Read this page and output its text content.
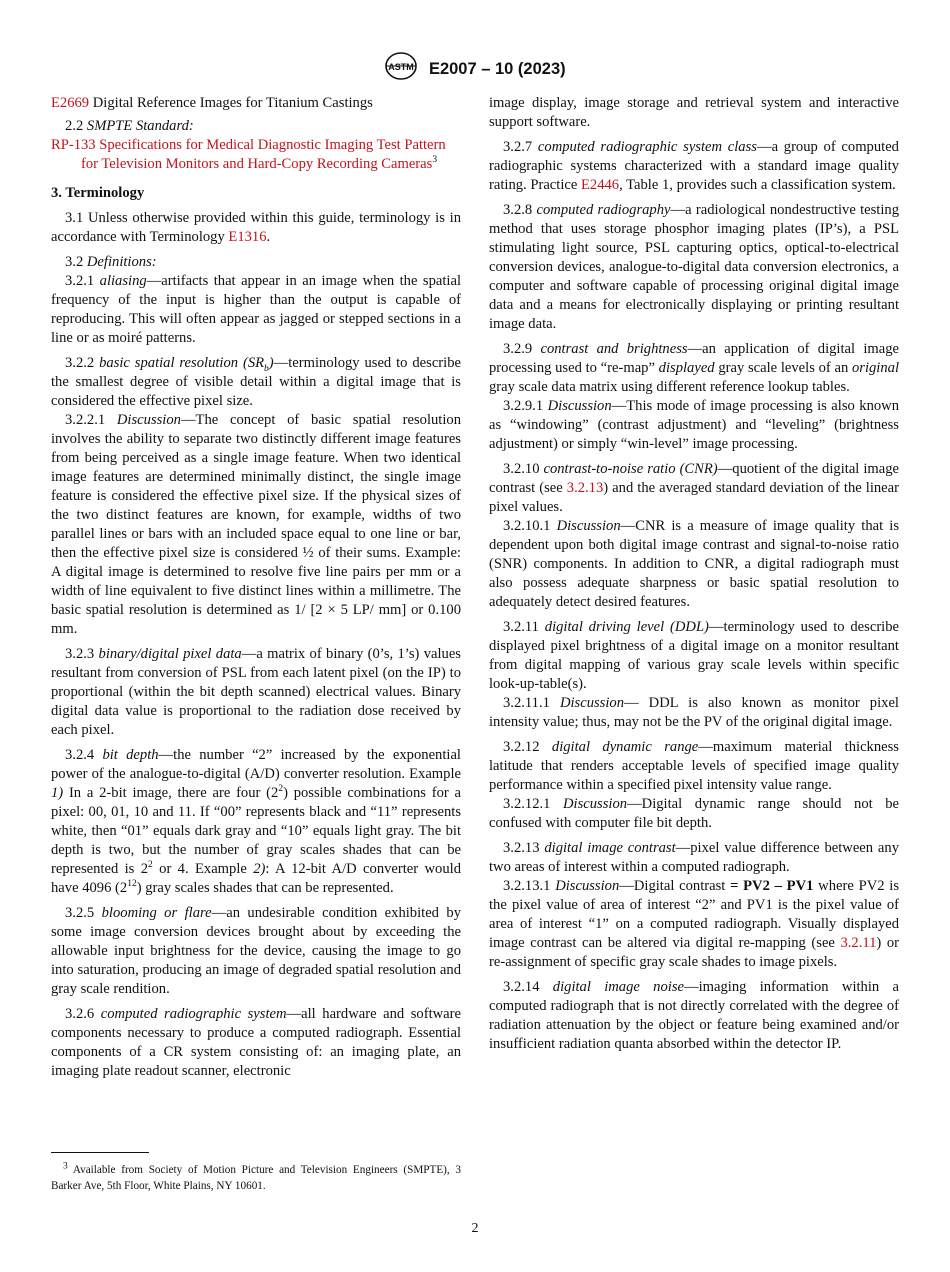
ASTM E2007 – 10 (2023)

E2669 Digital Reference Images for Titanium Castings

2.2 SMPTE Standard:

RP-133 Specifications for Medical Diagnostic Imaging Test Pattern for Television Monitors and Hard-Copy Recording Cameras$^3$

3. Terminology

3.1 Unless otherwise provided within this guide, terminology is in accordance with Terminology E1316.

3.2 Definitions:

3.2.1 aliasing—artifacts that appear in an image when the spatial frequency of the input is higher than the output is capable of reproducing. This will often appear as jagged or stepped sections in a line or as moiré patterns.

3.2.2 basic spatial resolution $(SR_b)—terminology$ used to describe the smallest degree of visible detail within a digital image that is considered the effective pixel size.

3.2.2.1 Discussion—The concept of basic spatial resolution involves the ability to separate two distinctly different image features from being perceived as a single image feature. When two identical image features are determined minimally distinct, the single image feature is considered the effective pixel size. If the physical sizes of the two distinct features are known, for example, widths of two parallel lines or bars with an included space equal to one line or bar, then the effective pixel size is considered ½ of their sums. Example: A digital image is determined to resolve five line pairs per mm or a width of line equivalent to five distinct lines within a millimetre. The basic spatial resolution is determined as 1/ [2 × 5 LP/ mm] or 0.100 mm.

3.2.3 binary/digital pixel data—a matrix of binary (0’s, 1’s) values resultant from conversion of PSL from each latent pixel (on the IP) to proportional (within the bit depth scanned) electrical values. Binary digital data value is proportional to the radiation dose received by each pixel.

3.2.4 bit depth—the number “2” increased by the exponential power of the analogue-to-digital (A/D) converter resolution. Example 1) In a 2-bit image, there are four $(2^2)$ possible combinations for a pixel: 00, 01, 10 and 11. If “00” represents black and “11” represents white, then “01” equals dark gray and “10” equals light gray. The bit depth is two, but the number of gray scales shades that can be represented is $2^2$ or 4. Example 2): A 12-bit A/D converter would have 4096 $(2^{12})$ gray scales shades that can be represented.

3.2.5 blooming or flare—an undesirable condition exhibited by some image conversion devices brought about by exceeding the allowable input brightness for the device, causing the image to go into saturation, producing an image of degraded spatial resolution and gray scale rendition.

3.2.6 computed radiographic system—all hardware and software components necessary to produce a computed radiograph. Essential components of a CR system consisting of: an imaging plate, an imaging plate readout scanner, electronic

$^3$ Available from Society of Motion Picture and Television Engineers (SMPTE), 3 Barker Ave, 5th Floor, White Plains, NY 10601.

image display, image storage and retrieval system and interactive support software.

3.2.7 computed radiographic system class—a group of computed radiographic systems characterized with a standard image quality rating. Practice E2446, Table 1, provides such a classification system.

3.2.8 computed radiography—a radiological nondestructive testing method that uses storage phosphor imaging plates (IP’s), a PSL stimulating light source, PSL capturing optics, optical-to-electrical conversion devices, analogue-to-digital data conversion electronics, a computer and software capable of processing original digital image data and a means for electronically displaying or printing resultant image data.

3.2.9 contrast and brightness—an application of digital image processing used to “re-map” displayed gray scale levels of an original gray scale data matrix using different reference lookup tables.

3.2.9.1 Discussion—This mode of image processing is also known as “windowing” (contrast adjustment) and “leveling” (brightness adjustment) or simply “win-level” image processing.

3.2.10 contrast-to-noise ratio (CNR)—quotient of the digital image contrast (see 3.2.13) and the averaged standard deviation of the linear pixel values.

3.2.10.1 Discussion—CNR is a measure of image quality that is dependent upon both digital image contrast and signal-to-noise ratio (SNR) components. In addition to CNR, a digital radiograph must also possess adequate sharpness or basic spatial resolution to adequately detect desired features.

3.2.11 digital driving level (DDL)—terminology used to describe displayed pixel brightness of a digital image on a monitor resultant from digital mapping of various gray scale levels within specific look-up-table(s).

3.2.11.1 Discussion— DDL is also known as monitor pixel intensity value; thus, may not be the PV of the original digital image.

3.2.12 digital dynamic range—maximum material thickness latitude that renders acceptable levels of specified image quality performance within a specified pixel intensity value range.

3.2.12.1 Discussion—Digital dynamic range should not be confused with computer file bit depth.

3.2.13 digital image contrast—pixel value difference between any two areas of interest within a computed radiograph.

3.2.13.1 Discussion—Digital contrast = PV2 – PV1 where PV2 is the pixel value of area of interest “2” and PV1 is the pixel value of area of interest “1” on a computed radiograph. Visually displayed image contrast can be altered via digital re-mapping (see 3.2.11) or re-assignment of specific gray scale shades to image pixels.

3.2.14 digital image noise—imaging information within a computed radiograph that is not directly correlated with the degree of radiation attenuation by the object or feature being examined and/or insufficient radiation quanta absorbed within the detector IP.

2
